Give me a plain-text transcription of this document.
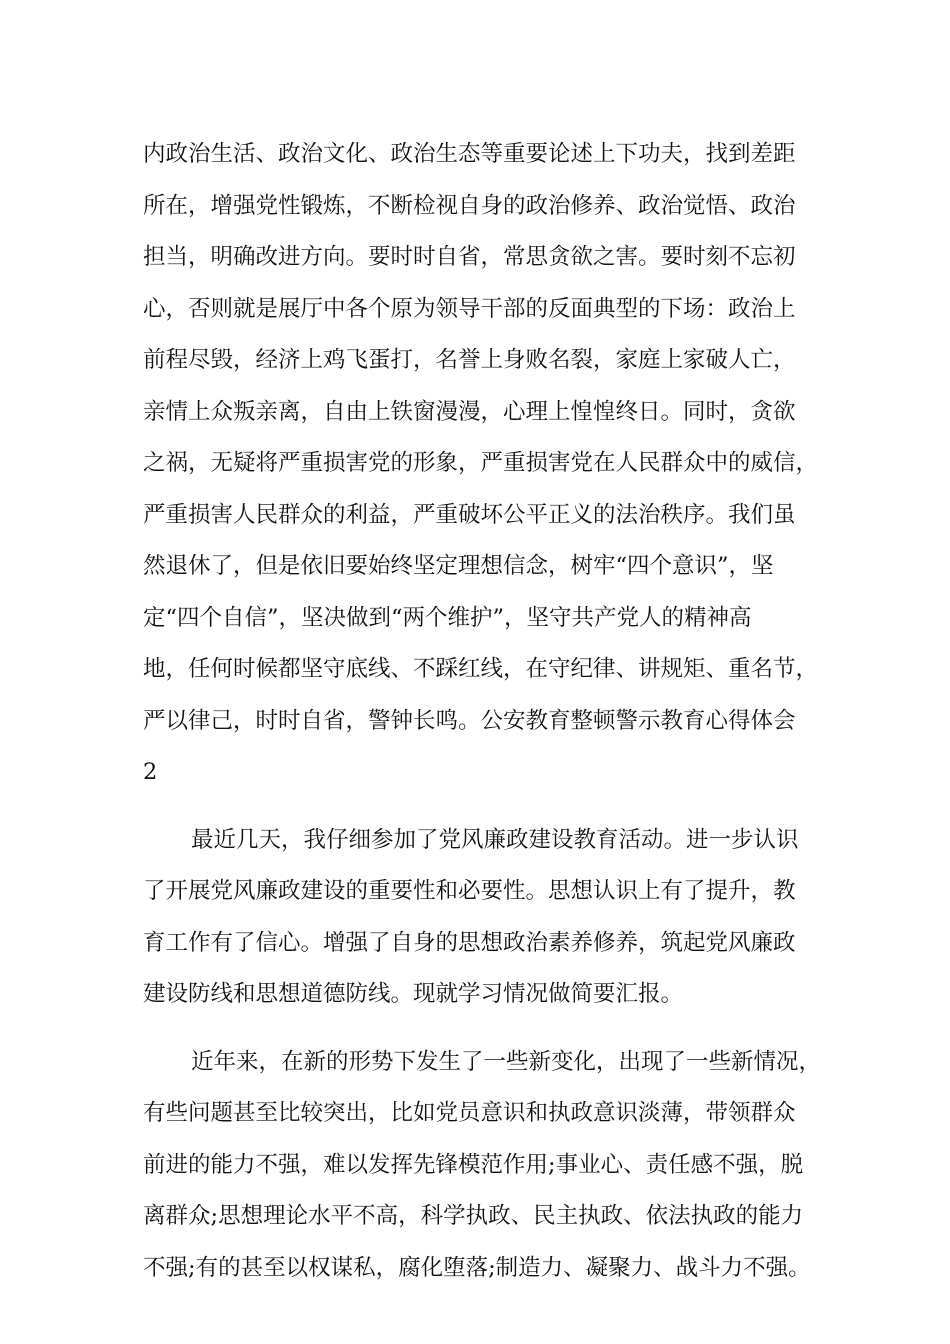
内政治生活、政治文化、政治生态等重要论述上下功夫，找到差距
所在，增强党性锻炼，不断检视自身的政治修养、政治觉悟、政治
担当，明确改进方向。要时时自省，常思贪欲之害。要时刻不忘初
心，否则就是展厅中各个原为领导干部的反面典型的下场：政治上
前程尽毁，经济上鸡飞蛋打，名誉上身败名裂，家庭上家破人亡，
亲情上众叛亲离，自由上铁窗漫漫，心理上惶惶终日。同时，贪欲
之祸，无疑将严重损害党的形象，严重损害党在人民群众中的威信，
严重损害人民群众的利益，严重破坏公平正义的法治秩序。我们虽
然退休了，但是依旧要始终坚定理想信念，树牢“四个意识”，坚
定“四个自信”，坚决做到“两个维护”，坚守共产党人的精神高
地，任何时候都坚守底线、不踩红线，在守纪律、讲规矩、重名节，
严以律己，时时自省，警钟长鸣。公安教育整顿警示教育心得体会
2
最近几天，我仔细参加了党风廉政建设教育活动。进一步认识
了开展党风廉政建设的重要性和必要性。思想认识上有了提升，教
育工作有了信心。增强了自身的思想政治素养修养，筑起党风廉政
建设防线和思想道德防线。现就学习情况做简要汇报。
近年来，在新的形势下发生了一些新变化，出现了一些新情况，
有些问题甚至比较突出，比如党员意识和执政意识淡薄，带领群众
前进的能力不强，难以发挥先锋模范作用;事业心、责任感不强，脱
离群众;思想理论水平不高，科学执政、民主执政、依法执政的能力
不强;有的甚至以权谋私，腐化堕落;制造力、凝聚力、战斗力不强。
